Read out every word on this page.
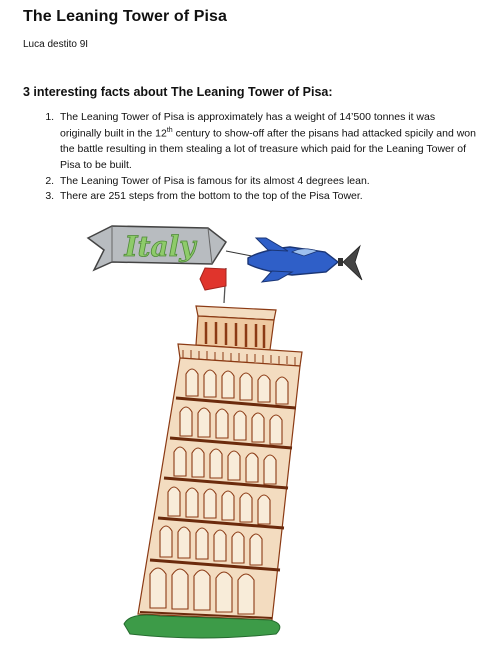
The Leaning Tower of Pisa
Luca destito 9I
3 interesting facts about The Leaning Tower of Pisa:
1. The Leaning Tower of Pisa is approximately has a weight of 14’500 tonnes it was originally built in the 12th century to show-off after the pisans had attacked spicily and won the battle resulting in them stealing a lot of treasure which paid for the Leaning Tower of Pisa to be built.
2. The Leaning Tower of Pisa is famous for its almost 4 degrees lean.
3. There are 251 steps from the bottom to the top of the Pisa Tower.
Italy
